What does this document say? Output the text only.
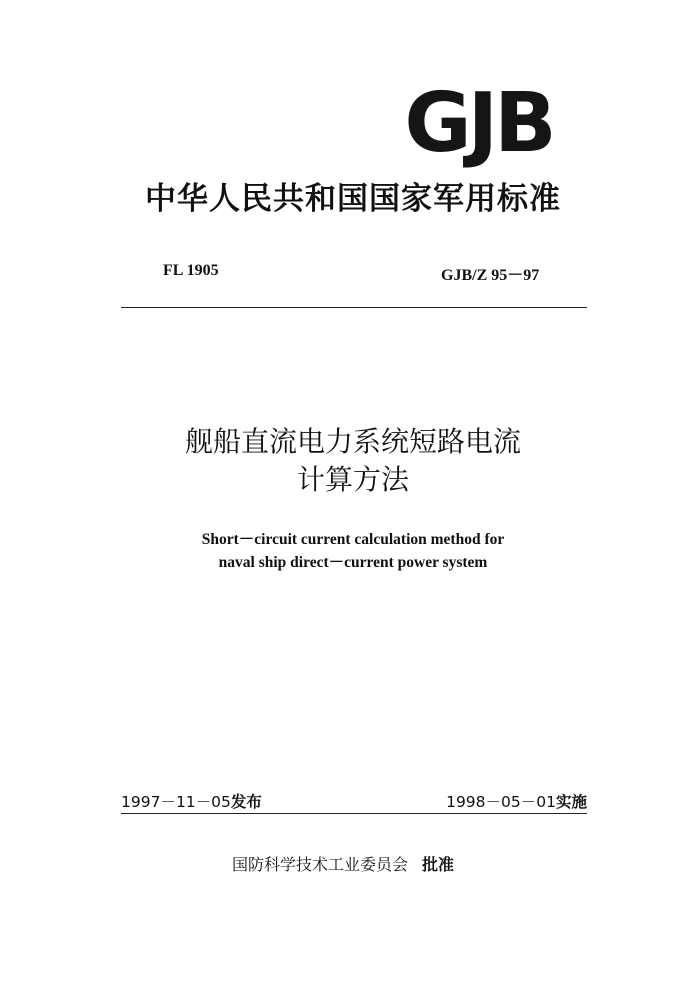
GJB
中华人民共和国国家军用标准
FL 1905	GJB/Z 95－97
舰船直流电力系统短路电流
计算方法
Short－circuit current calculation method for
naval ship direct－current power system
1997－11－05发布	1998－05－01实施
国防科学技术工业委员会 批准
